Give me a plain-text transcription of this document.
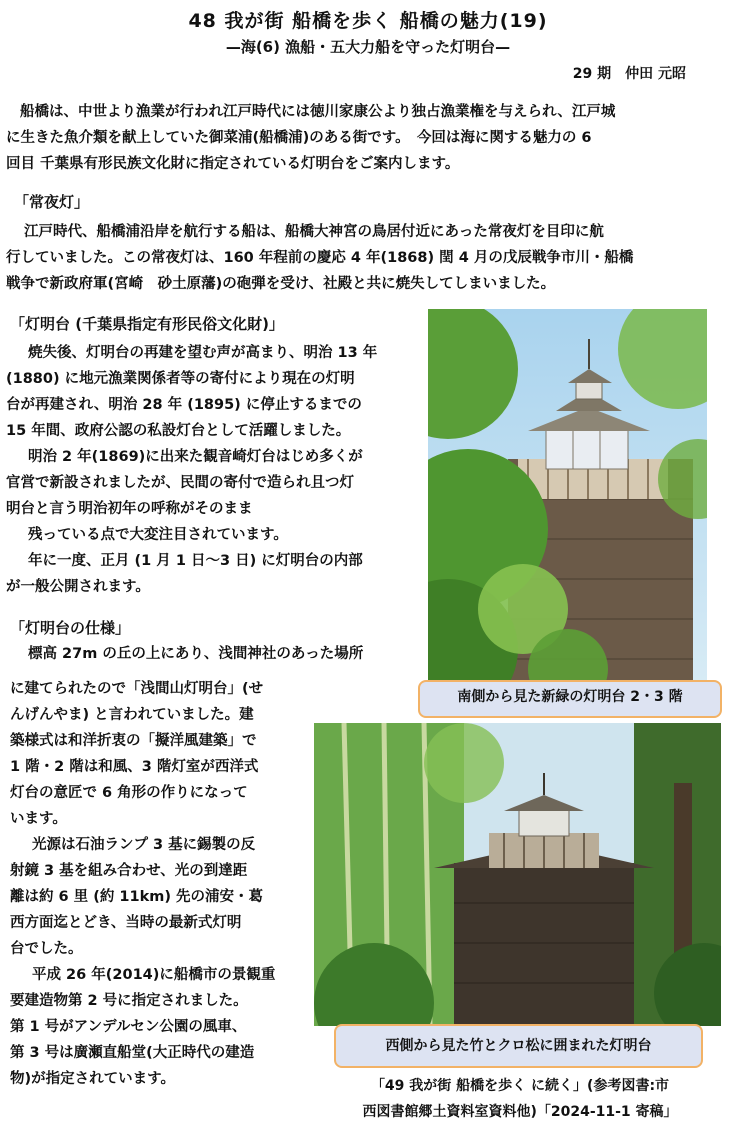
48 我が街 船橋を歩く 船橋の魅力(19)
—海(6) 漁船・五大力船を守った灯明台—
29 期　仲田 元昭
船橋は、中世より漁業が行われ江戸時代には徳川家康公より独占漁業権を与えられ、江戸城
に生きた魚介類を献上していた御菜浦(船橋浦)のある街です。　今回は海に関する魅力の 6
回目 千葉県有形民族文化財に指定されている灯明台をご案内します。
「常夜灯」
江戸時代、船橋浦沿岸を航行する船は、船橋大神宮の鳥居付近にあった常夜灯を目印に航
行していました。この常夜灯は、160 年程前の慶応 4 年(1868) 閏 4 月の戊辰戦争市川・船橋
戦争で新政府軍(宮崎　砂土原藩)の砲弾を受け、社殿と共に焼失してしまいました。
「灯明台 (千葉県指定有形民俗文化財)」
焼失後、灯明台の再建を望む声が高まり、明治 13 年
(1880) に地元漁業関係者等の寄付により現在の灯明
台が再建され、明治 28 年 (1895) に停止するまでの
15 年間、政府公認の私設灯台として活躍しました。
明治 2 年(1869)に出来た観音崎灯台はじめ多くが
官営で新設されましたが、民間の寄付で造られ且つ灯
明台と言う明治初年の呼称がそのまま
残っている点で大変注目されています。
年に一度、正月 (1 月 1 日～3 日) に灯明台の内部
が一般公開されます。
「灯明台の仕様」
標高 27m の丘の上にあり、浅間神社のあった場所
に建てられたので「浅間山灯明台」(せ
んげんやま) と言われていました。建
築様式は和洋折衷の「擬洋風建築」で
1 階・2 階は和風、3 階灯室が西洋式
灯台の意匠で 6 角形の作りになって
います。
光源は石油ランプ 3 基に錫製の反
射鏡 3 基を組み合わせ、光の到達距
離は約 6 里 (約 11km) 先の浦安・葛
西方面迄とどき、当時の最新式灯明
台でした。
平成 26 年(2014)に船橋市の景観重
要建造物第 2 号に指定されました。
第 1 号がアンデルセン公園の風車、
第 3 号は廣瀬直船堂(大正時代の建造
物)が指定されています。
南側から見た新緑の灯明台 2・3 階
西側から見た竹とクロ松に囲まれた灯明台
「49 我が街 船橋を歩く に続く」(参考図書:市
西図書館郷土資料室資料他)「2024-11-1 寄稿」
